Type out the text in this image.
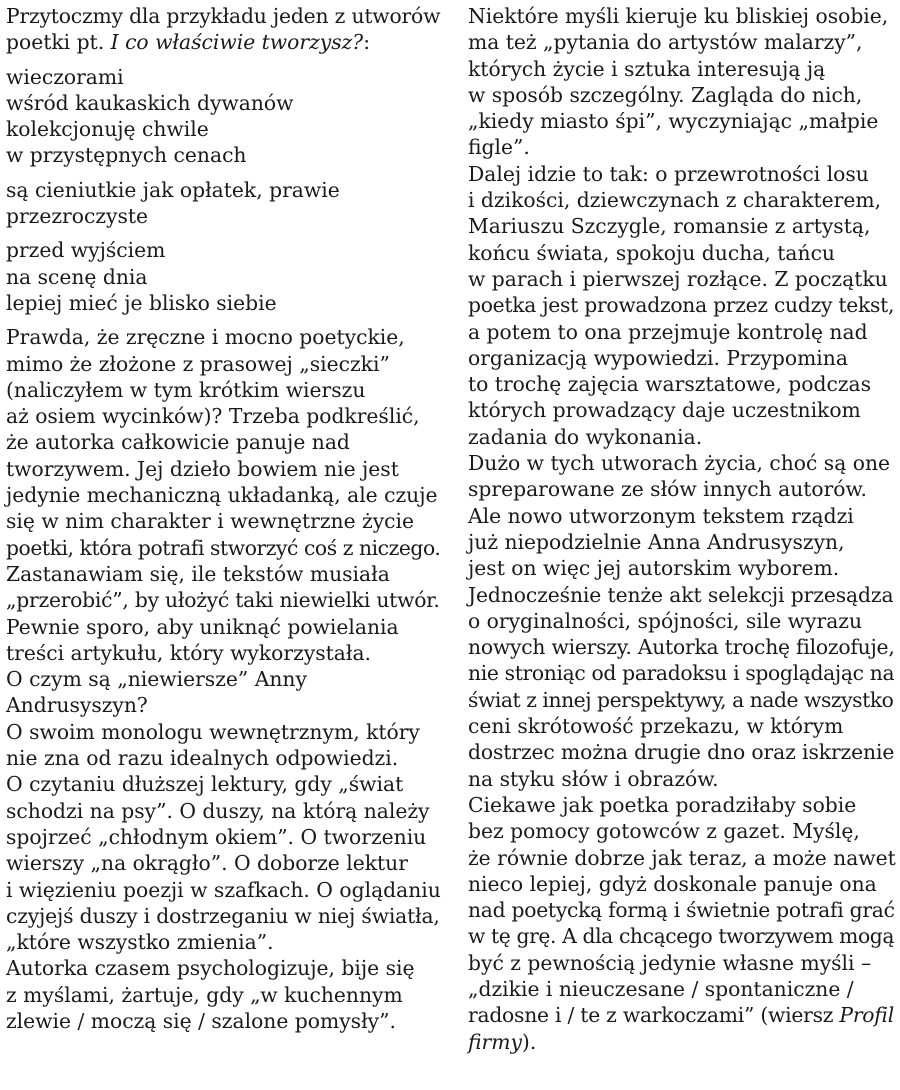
Przytoczmy dla przykładu jeden z utworów
poetki pt. I co właściwie tworzysz?:
wieczorami
wśród kaukaskich dywanów
kolekcjonuję chwile
w przystępnych cenach
są cieniutkie jak opłatek, prawie
przezroczyste
przed wyjściem
na scenę dnia
lepiej mieć je blisko siebie
Prawda, że zręczne i mocno poetyckie,
mimo że złożone z prasowej „sieczki”
(naliczyłem w tym krótkim wierszu
aż osiem wycinków)? Trzeba podkreślić,
że autorka całkowicie panuje nad
tworzywem. Jej dzieło bowiem nie jest
jedynie mechaniczną układanką, ale czuje
się w nim charakter i wewnętrzne życie
poetki, która potrafi stworzyć coś z niczego.
Zastanawiam się, ile tekstów musiała
„przerobić”, by ułożyć taki niewielki utwór.
Pewnie sporo, aby uniknąć powielania
treści artykułu, który wykorzystała.
O czym są „niewiersze” Anny
Andrusyszyn?
O swoim monologu wewnętrznym, który
nie zna od razu idealnych odpowiedzi.
O czytaniu dłuższej lektury, gdy „świat
schodzi na psy”. O duszy, na którą należy
spojrzeć „chłodnym okiem”. O tworzeniu
wierszy „na okrągło”. O doborze lektur
i więzieniu poezji w szafkach. O oglądaniu
czyjejś duszy i dostrzeganiu w niej światła,
„które wszystko zmienia”.
Autorka czasem psychologizuje, bije się
z myślami, żartuje, gdy „w kuchennym
zlewie / moczą się / szalone pomysły”.
Niektóre myśli kieruje ku bliskiej osobie,
ma też „pytania do artystów malarzy”,
których życie i sztuka interesują ją
w sposób szczególny. Zagląda do nich,
„kiedy miasto śpi”, wyczyniając „małpie
figle”.
Dalej idzie to tak: o przewrotności losu
i dzikości, dziewczynach z charakterem,
Mariuszu Szczygle, romansie z artystą,
końcu świata, spokoju ducha, tańcu
w parach i pierwszej rozłące. Z początku
poetka jest prowadzona przez cudzy tekst,
a potem to ona przejmuje kontrolę nad
organizacją wypowiedzi. Przypomina
to trochę zajęcia warsztatowe, podczas
których prowadzący daje uczestnikom
zadania do wykonania.
Dużo w tych utworach życia, choć są one
spreparowane ze słów innych autorów.
Ale nowo utworzonym tekstem rządzi
już niepodzielnie Anna Andrusyszyn,
jest on więc jej autorskim wyborem.
Jednocześnie tenże akt selekcji przesądza
o oryginalności, spójności, sile wyrazu
nowych wierszy. Autorka trochę filozofuje,
nie stroniąc od paradoksu i spoglądając na
świat z innej perspektywy, a nade wszystko
ceni skrótowość przekazu, w którym
dostrzec można drugie dno oraz iskrzenie
na styku słów i obrazów.
Ciekawe jak poetka poradziłaby sobie
bez pomocy gotowców z gazet. Myślę,
że równie dobrze jak teraz, a może nawet
nieco lepiej, gdyż doskonale panuje ona
nad poetycką formą i świetnie potrafi grać
w tę grę. A dla chcącego tworzywem mogą
być z pewnością jedynie własne myśli –
„dzikie i nieuczesane / spontaniczne /
radosne i / te z warkoczami” (wiersz Profil
firmy).
